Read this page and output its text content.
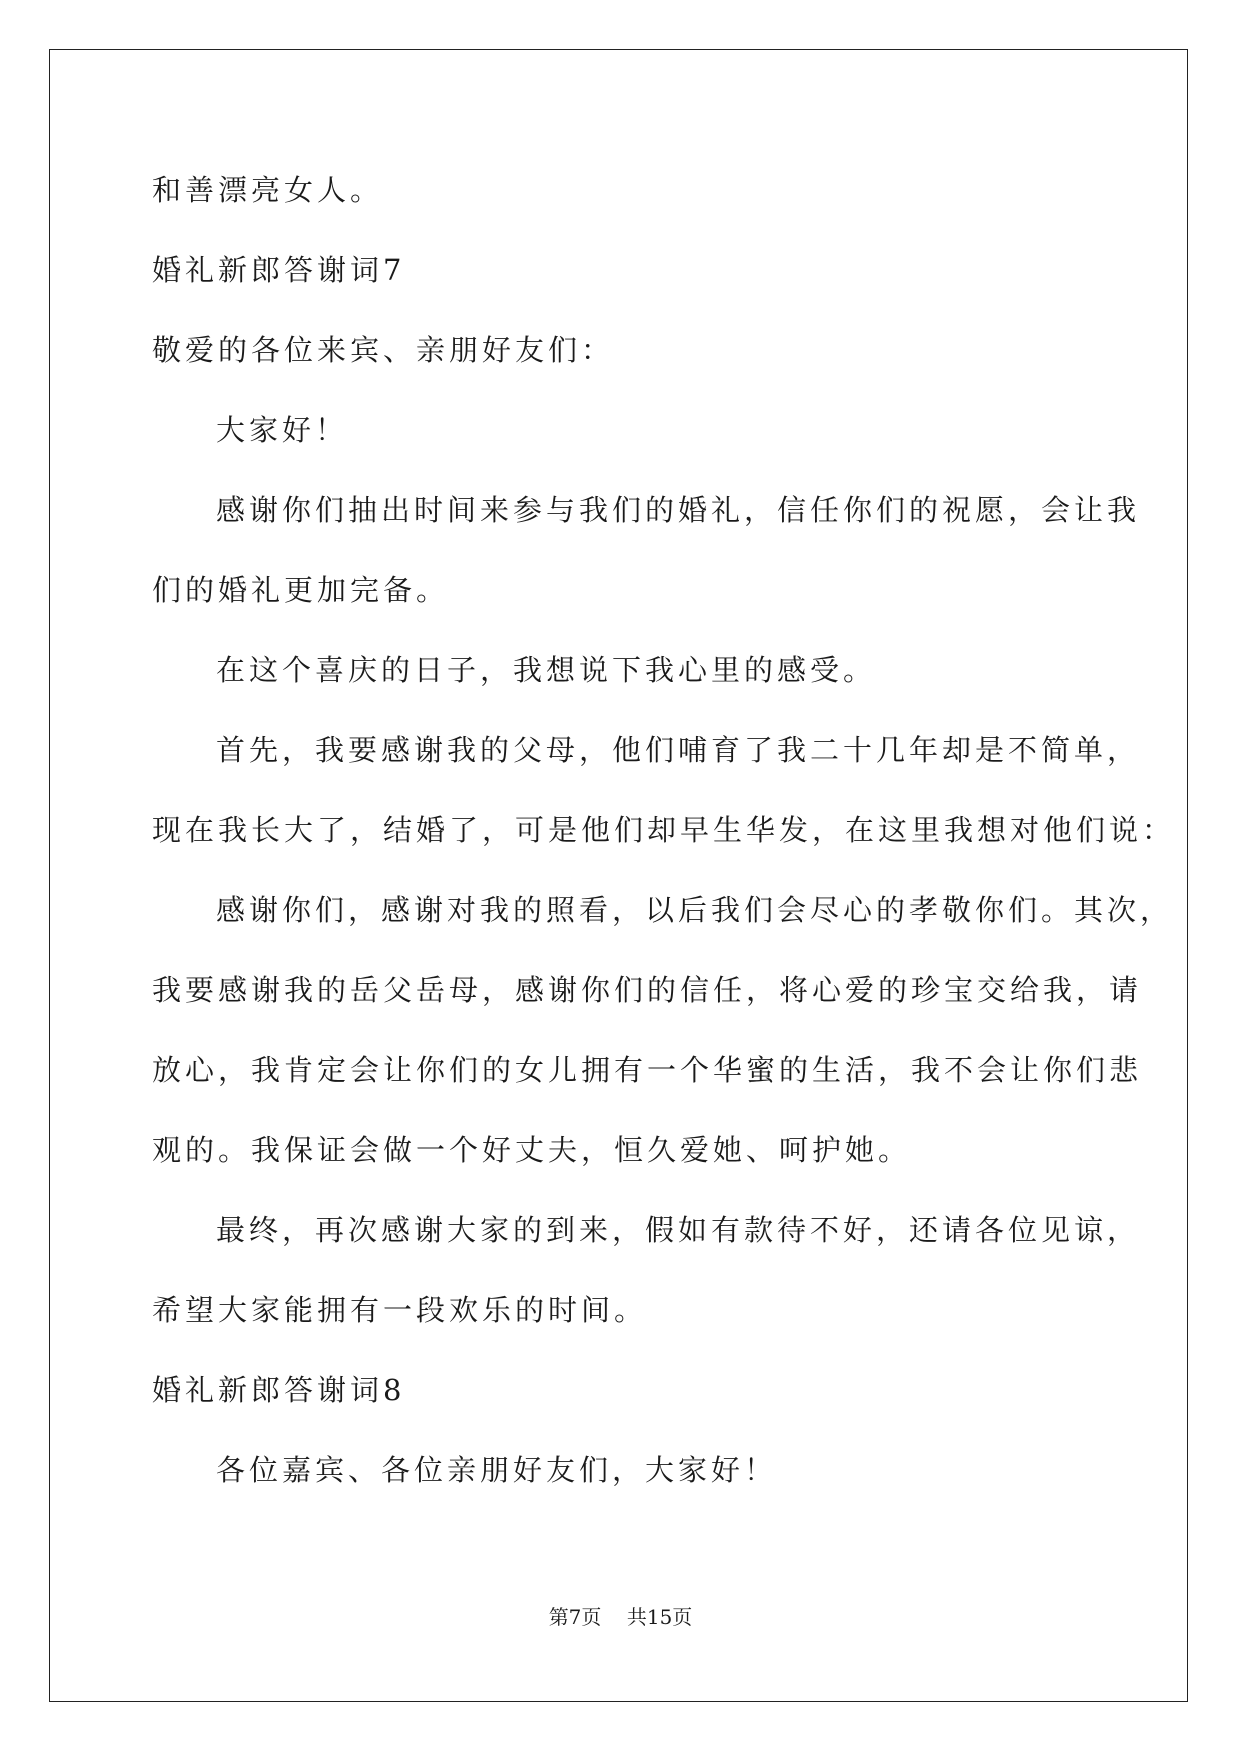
和善漂亮女人。

婚礼新郎答谢词7

敬爱的各位来宾、亲朋好友们：

大家好！

感谢你们抽出时间来参与我们的婚礼，信任你们的祝愿，会让我

们的婚礼更加完备。

在这个喜庆的日子，我想说下我心里的感受。

首先，我要感谢我的父母，他们哺育了我二十几年却是不简单，

现在我长大了，结婚了，可是他们却早生华发，在这里我想对他们说：

感谢你们，感谢对我的照看，以后我们会尽心的孝敬你们。其次，

我要感谢我的岳父岳母，感谢你们的信任，将心爱的珍宝交给我，请

放心，我肯定会让你们的女儿拥有一个华蜜的生活，我不会让你们悲

观的。我保证会做一个好丈夫，恒久爱她、呵护她。

最终，再次感谢大家的到来，假如有款待不好，还请各位见谅，

希望大家能拥有一段欢乐的时间。

婚礼新郎答谢词8

各位嘉宾、各位亲朋好友们，大家好！

第7页    共15页
